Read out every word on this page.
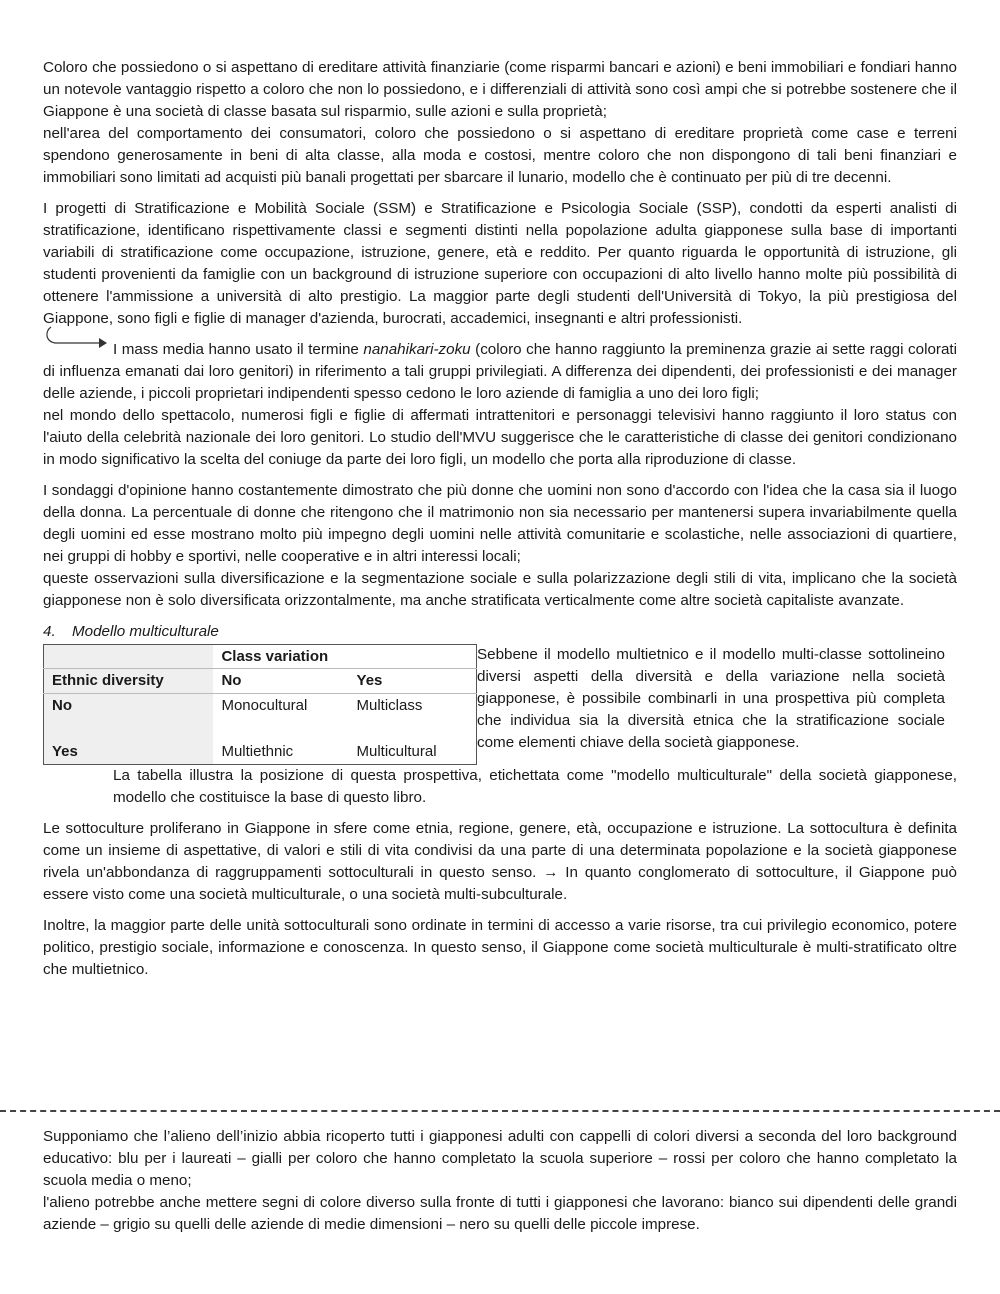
Coloro che possiedono o si aspettano di ereditare attività finanziarie (come risparmi bancari e azioni) e beni immobiliari e fondiari hanno un notevole vantaggio rispetto a coloro che non lo possiedono, e i differenziali di attività sono così ampi che si potrebbe sostenere che il Giappone è una società di classe basata sul risparmio, sulle azioni e sulla proprietà;

nell'area del comportamento dei consumatori, coloro che possiedono o si aspettano di ereditare proprietà come case e terreni spendono generosamente in beni di alta classe, alla moda e costosi, mentre coloro che non dispongono di tali beni finanziari e immobiliari sono limitati ad acquisti più banali progettati per sbarcare il lunario, modello che è continuato per più di tre decenni.

I progetti di Stratificazione e Mobilità Sociale (SSM) e Stratificazione e Psicologia Sociale (SSP), condotti da esperti analisti di stratificazione, identificano rispettivamente classi e segmenti distinti nella popolazione adulta giapponese sulla base di importanti variabili di stratificazione come occupazione, istruzione, genere, età e reddito. Per quanto riguarda le opportunità di istruzione, gli studenti provenienti da famiglie con un background di istruzione superiore con occupazioni di alto livello hanno molte più possibilità di ottenere l'ammissione a università di alto prestigio. La maggior parte degli studenti dell'Università di Tokyo, la più prestigiosa del Giappone, sono figli e figlie di manager d'azienda, burocrati, accademici, insegnanti e altri professionisti.

I mass media hanno usato il termine nanahikari-zoku (coloro che hanno raggiunto la preminenza grazie ai sette raggi colorati di influenza emanati dai loro genitori) in riferimento a tali gruppi privilegiati. A differenza dei dipendenti, dei professionisti e dei manager delle aziende, i piccoli proprietari indipendenti spesso cedono le loro aziende di famiglia a uno dei loro figli;

nel mondo dello spettacolo, numerosi figli e figlie di affermati intrattenitori e personaggi televisivi hanno raggiunto il loro status con l'aiuto della celebrità nazionale dei loro genitori. Lo studio dell'MVU suggerisce che le caratteristiche di classe dei genitori condizionano in modo significativo la scelta del coniuge da parte dei loro figli, un modello che porta alla riproduzione di classe.

I sondaggi d'opinione hanno costantemente dimostrato che più donne che uomini non sono d'accordo con l'idea che la casa sia il luogo della donna. La percentuale di donne che ritengono che il matrimonio non sia necessario per mantenersi supera invariabilmente quella degli uomini ed esse mostrano molto più impegno degli uomini nelle attività comunitarie e scolastiche, nelle associazioni di quartiere, nei gruppi di hobby e sportivi, nelle cooperative e in altri interessi locali;

queste osservazioni sulla diversificazione e la segmentazione sociale e sulla polarizzazione degli stili di vita, implicano che la società giapponese non è solo diversificata orizzontalmente, ma anche stratificata verticalmente come altre società capitaliste avanzate.

4. Modello multiculturale
	Class variation	
Ethnic diversity	No	Yes
No	Monocultural	Multiclass

Yes	Multiethnic	Multicultural

Sebbene il modello multietnico e il modello multi-classe sottolineino diversi aspetti della diversità e della variazione nella società giapponese, è possibile combinarli in una prospettiva più completa che individua sia la diversità etnica che la stratificazione sociale come elementi chiave della società giapponese.

La tabella illustra la posizione di questa prospettiva, etichettata come "modello multiculturale" della società giapponese, modello che costituisce la base di questo libro.

Le sottoculture proliferano in Giappone in sfere come etnia, regione, genere, età, occupazione e istruzione. La sottocultura è definita come un insieme di aspettative, di valori e stili di vita condivisi da una parte di una determinata popolazione e la società giapponese rivela un'abbondanza di raggruppamenti sottoculturali in questo senso. → In quanto conglomerato di sottoculture, il Giappone può essere visto come una società multiculturale, o una società multi-subculturale.

Inoltre, la maggior parte delle unità sottoculturali sono ordinate in termini di accesso a varie risorse, tra cui privilegio economico, potere politico, prestigio sociale, informazione e conoscenza. In questo senso, il Giappone come società multiculturale è multi-stratificato oltre che multietnico.

Supponiamo che l’alieno dell’inizio abbia ricoperto tutti i giapponesi adulti con cappelli di colori diversi a seconda del loro background educativo: blu per i laureati – gialli per coloro che hanno completato la scuola superiore – rossi per coloro che hanno completato la scuola media o meno;

l'alieno potrebbe anche mettere segni di colore diverso sulla fronte di tutti i giapponesi che lavorano: bianco sui dipendenti delle grandi aziende – grigio su quelli delle aziende di medie dimensioni – nero su quelli delle piccole imprese.
